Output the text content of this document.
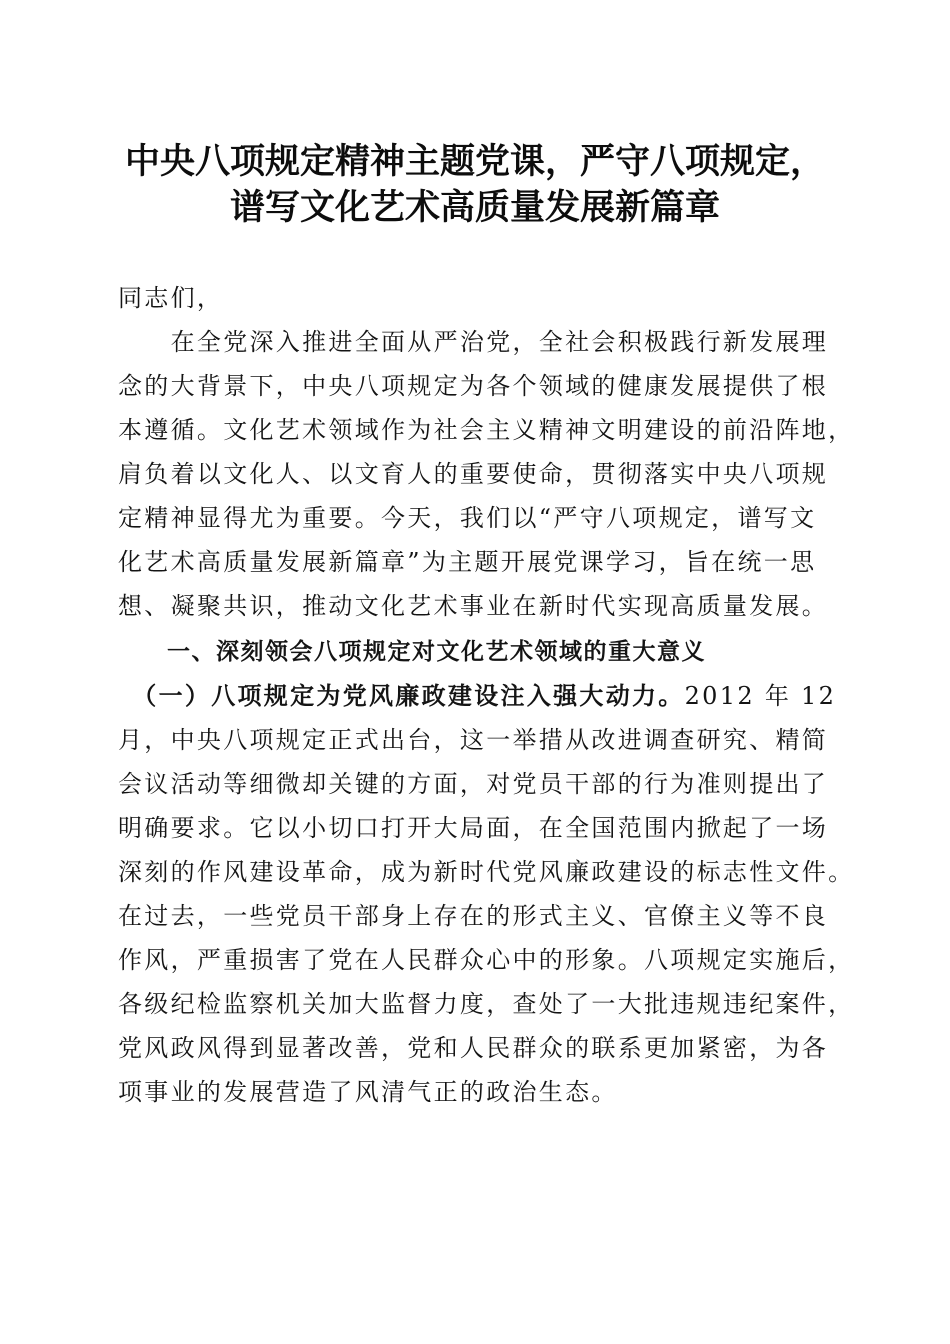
中央八项规定精神主题党课，严守八项规定，
谱写文化艺术高质量发展新篇章
同志们，
　　在全党深入推进全面从严治党，全社会积极践行新发展理
念的大背景下，中央八项规定为各个领域的健康发展提供了根
本遵循。文化艺术领域作为社会主义精神文明建设的前沿阵地，
肩负着以文化人、以文育人的重要使命，贯彻落实中央八项规
定精神显得尤为重要。今天，我们以“严守八项规定，谱写文
化艺术高质量发展新篇章”为主题开展党课学习，旨在统一思
想、凝聚共识，推动文化艺术事业在新时代实现高质量发展。
　　一、深刻领会八项规定对文化艺术领域的重大意义
　（一）八项规定为党风廉政建设注入强大动力。2012 年 12
月，中央八项规定正式出台，这一举措从改进调查研究、精简
会议活动等细微却关键的方面，对党员干部的行为准则提出了
明确要求。它以小切口打开大局面，在全国范围内掀起了一场
深刻的作风建设革命，成为新时代党风廉政建设的标志性文件。
在过去，一些党员干部身上存在的形式主义、官僚主义等不良
作风，严重损害了党在人民群众心中的形象。八项规定实施后，
各级纪检监察机关加大监督力度，查处了一大批违规违纪案件，
党风政风得到显著改善，党和人民群众的联系更加紧密，为各
项事业的发展营造了风清气正的政治生态。
